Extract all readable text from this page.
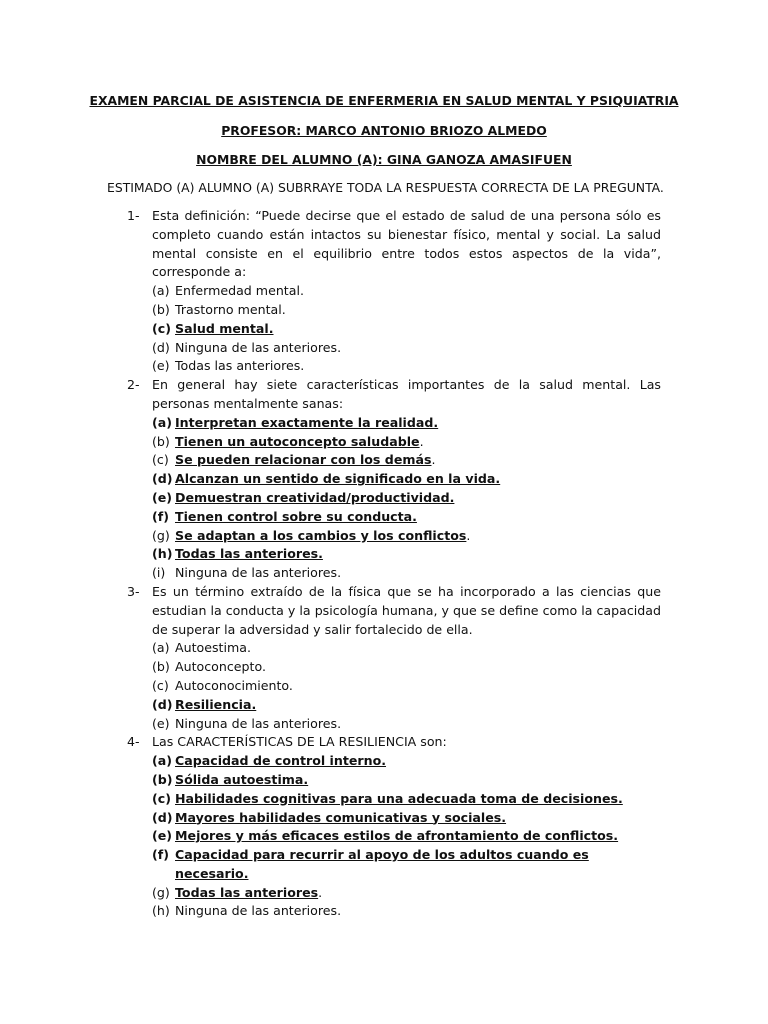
EXAMEN PARCIAL DE ASISTENCIA DE ENFERMERIA EN SALUD MENTAL Y PSIQUIATRIA
PROFESOR: MARCO ANTONIO BRIOZO ALMEDO
NOMBRE DEL ALUMNO (A): GINA GANOZA AMASIFUEN
ESTIMADO (A) ALUMNO (A) SUBRRAYE TODA LA RESPUESTA CORRECTA DE LA PREGUNTA.
1- Esta definición: “Puede decirse que el estado de salud de una persona sólo es completo cuando están intactos su bienestar físico, mental y social. La salud mental consiste en el equilibrio entre todos estos aspectos de la vida”, corresponde a:
(a) Enfermedad mental.
(b) Trastorno mental.
(c) Salud mental.
(d) Ninguna de las anteriores.
(e) Todas las anteriores.
2- En general hay siete características importantes de la salud mental. Las personas mentalmente sanas:
(a) Interpretan exactamente la realidad.
(b) Tienen un autoconcepto saludable.
(c) Se pueden relacionar con los demás.
(d) Alcanzan un sentido de significado en la vida.
(e) Demuestran creatividad/productividad.
(f) Tienen control sobre su conducta.
(g) Se adaptan a los cambios y los conflictos.
(h) Todas las anteriores.
(i) Ninguna de las anteriores.
3- Es un término extraído de la física que se ha incorporado a las ciencias que estudian la conducta y la psicología humana, y que se define como la capacidad de superar la adversidad y salir fortalecido de ella.
(a) Autoestima.
(b) Autoconcepto.
(c) Autoconocimiento.
(d) Resiliencia.
(e) Ninguna de las anteriores.
4- Las CARACTERÍSTICAS DE LA RESILIENCIA son:
(a) Capacidad de control interno.
(b) Sólida autoestima.
(c) Habilidades cognitivas para una adecuada toma de decisiones.
(d) Mayores habilidades comunicativas y sociales.
(e) Mejores y más eficaces estilos de afrontamiento de conflictos.
(f) Capacidad para recurrir al apoyo de los adultos cuando es necesario.
(g) Todas las anteriores.
(h) Ninguna de las anteriores.
